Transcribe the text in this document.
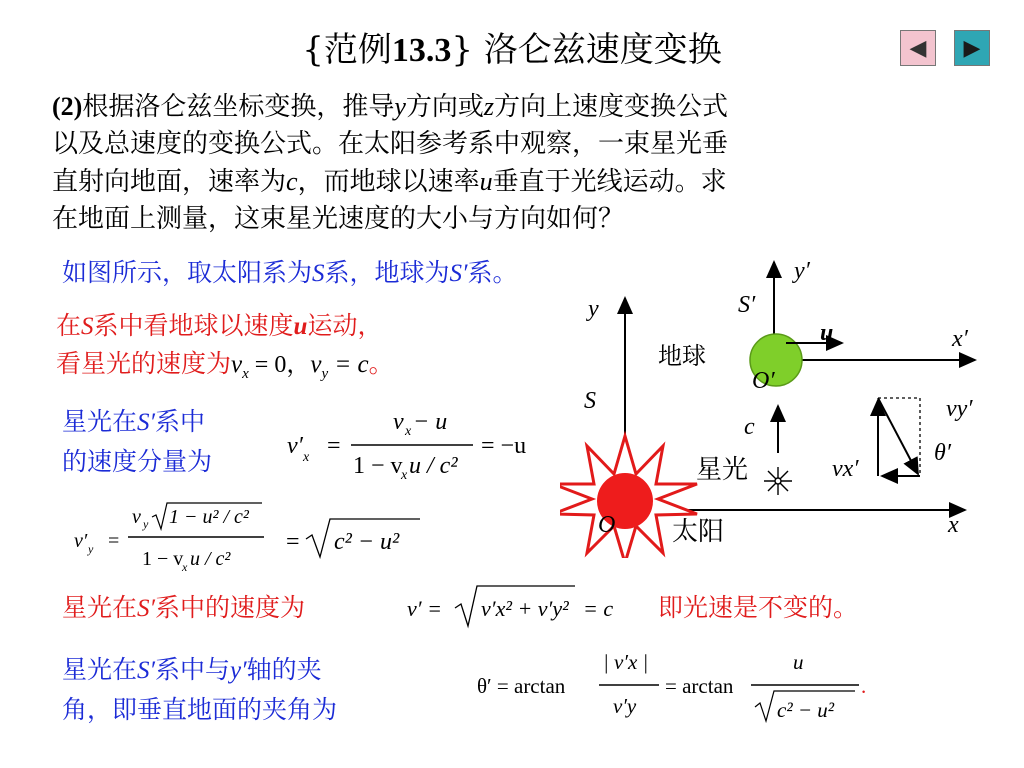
{范例13.3} 洛仑兹速度变换	◀ ▶
(2)根据洛仑兹坐标变换，推导y方向或z方向上速度变换公式
以及总速度的变换公式。在太阳参考系中观察，一束星光垂
直射向地面，速率为c，而地球以速率u垂直于光线运动。求
在地面上测量，这束星光速度的大小与方向如何？
如图所示，取太阳系为S系，地球为S′系。
在S系中看地球以速度u运动，
看星光的速度为$v_x = 0$，$v_y = c$。
星光在S′系中
的速度分量为
星光在S′系中的速度为	即光速是不变的。
星光在S′系中与y′轴的夹
角，即垂直地面的夹角为
v′ x =
v x − u
1 − v
x u / c²
= −u
v′ y =
v y 1 − u² / c²
1 − v
x u / c²
= c² − u²
v′ = v′x² + v′y² = c
θ′ = arctan
| v′x |
v′y
= arctan
u
c² − u²
.
y′
S′
u	x′
地球
O′
y
S
c
vy′
θ′
vx′
星光
O 太阳	x
